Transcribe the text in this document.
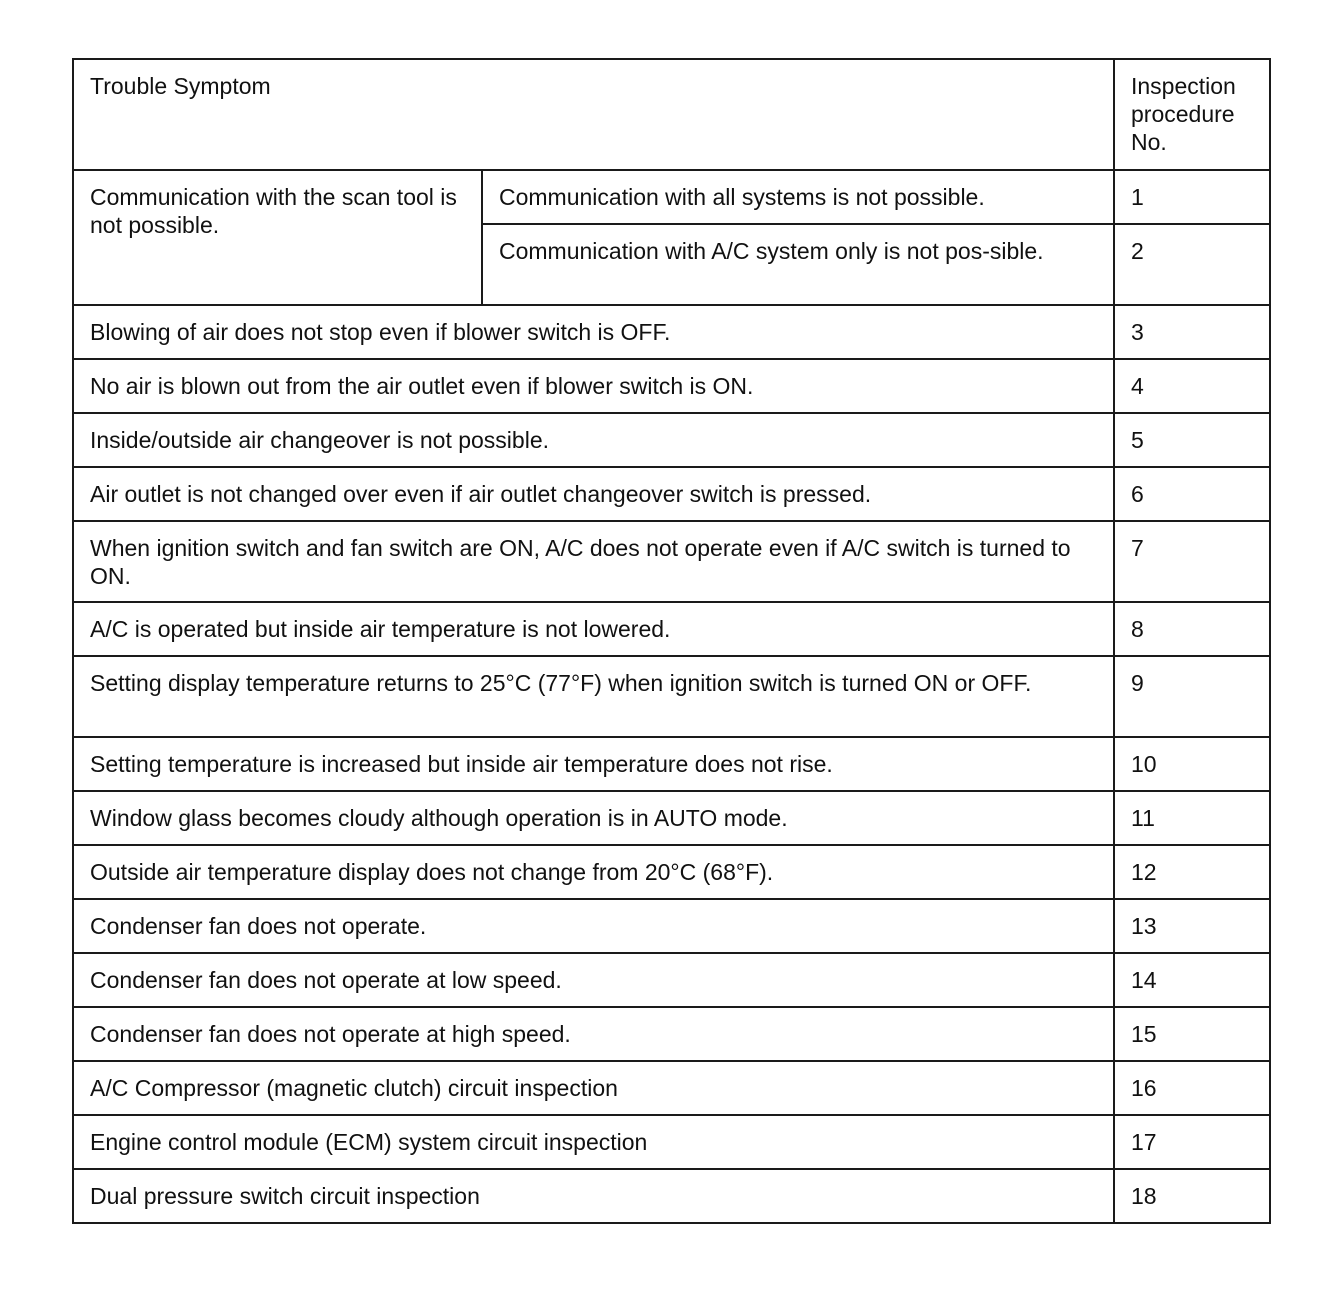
Trouble Symptom		Inspection procedure No.
Communication with the scan tool is not possible.	Communication with all systems is not possible.	1
	Communication with A/C system only is not pos-sible.	2
Blowing of air does not stop even if blower switch is OFF.		3
No air is blown out from the air outlet even if blower switch is ON.		4
Inside/outside air changeover is not possible.		5
Air outlet is not changed over even if air outlet changeover switch is pressed.		6
When ignition switch and fan switch are ON, A/C does not operate even if A/C switch is turned to ON.		7
A/C is operated but inside air temperature is not lowered.		8
Setting display temperature returns to 25°C (77°F) when ignition switch is turned ON or OFF.		9
Setting temperature is increased but inside air temperature does not rise.		10
Window glass becomes cloudy although operation is in AUTO mode.		11
Outside air temperature display does not change from 20°C (68°F).		12
Condenser fan does not operate.		13
Condenser fan does not operate at low speed.		14
Condenser fan does not operate at high speed.		15
A/C Compressor (magnetic clutch) circuit inspection		16
Engine control module (ECM) system circuit inspection		17
Dual pressure switch circuit inspection		18
